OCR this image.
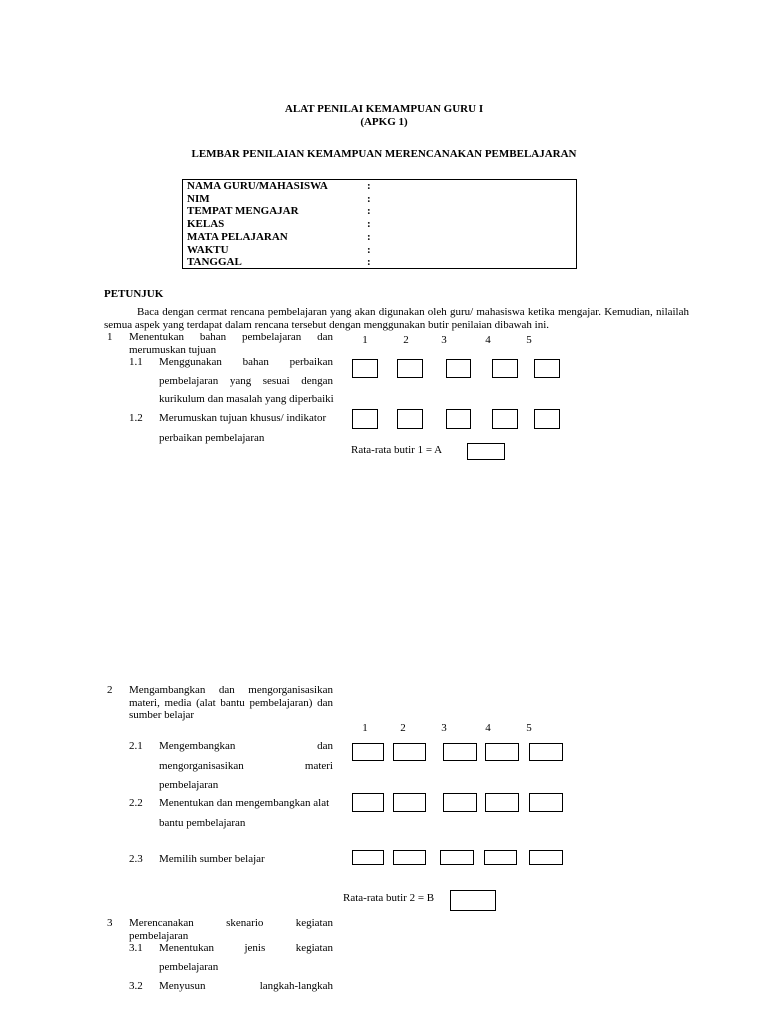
ALAT PENILAI KEMAMPUAN GURU I
(APKG 1)
LEMBAR PENILAIAN KEMAMPUAN MERENCANAKAN PEMBELAJARAN
NAMA GURU/MAHASISWA	:
NIM	:
TEMPAT MENGAJAR	:
KELAS	:
MATA PELAJARAN	:
WAKTU	:
TANGGAL	:
PETUNJUK
Baca dengan cermat rencana pembelajaran yang akan digunakan oleh guru/ mahasiswa ketika mengajar. Kemudian, nilailah
semua aspek yang terdapat dalam rencana tersebut dengan menggunakan butir penilaian dibawah ini.
1 Menentukan bahan pembelajaran dan
merumuskan tujuan
1	2	3	4	5
1.1 Menggunakan bahan perbaikan
pembelajaran yang sesuai dengan
kurikulum dan masalah yang diperbaiki
1.2 Merumuskan tujuan khusus/ indikator
perbaikan pembelajaran
Rata-rata butir 1 = A
2 Mengambangkan dan mengorganisasikan
materi, media (alat bantu pembelajaran) dan
sumber belajar
1	2	3	4	5
2.1 Mengembangkan dan
mengorganisasikan materi
pembelajaran
2.2 Menentukan dan mengembangkan alat
bantu pembelajaran
2.3 Memilih sumber belajar
Rata-rata butir 2 = B
3 Merencanakan skenario kegiatan
pembelajaran
3.1 Menentukan jenis kegiatan
pembelajaran
3.2 Menyusun langkah-langkah
